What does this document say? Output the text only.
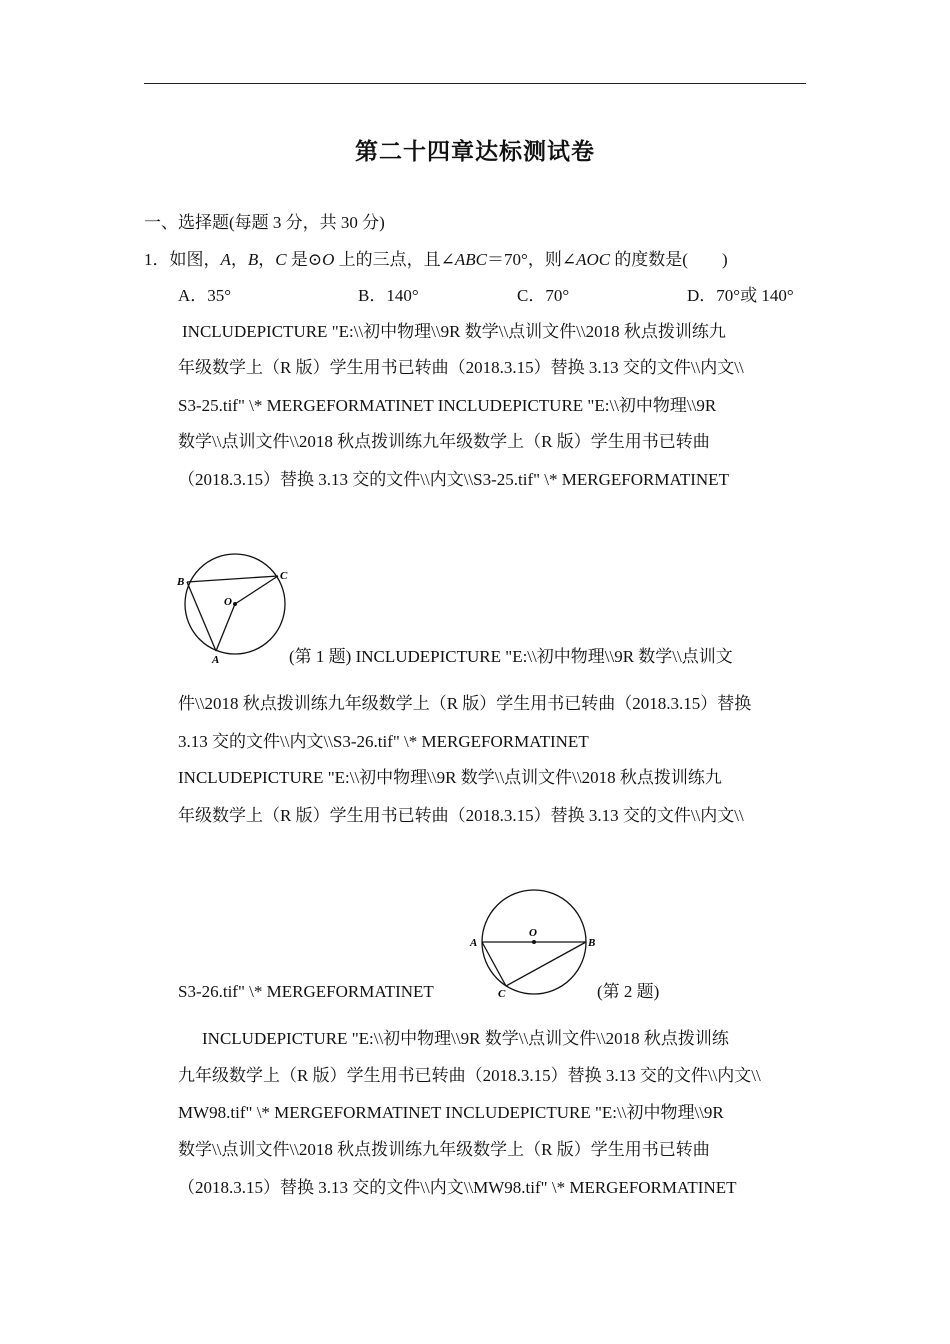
第二十四章达标测试卷
一、选择题(每题 3 分，共 30 分)
1．如图，A，B，C 是⊙O 上的三点，且∠ABC＝70°，则∠AOC 的度数是(　　)
A．35°	B．140°	C．70°	D．70°或 140°
INCLUDEPICTURE "E:\\初中物理\\9R 数学\\点训文件\\2018 秋点拨训练九
年级数学上（R 版）学生用书已转曲（2018.3.15）替换 3.13 交的文件\\内文\\
S3-25.tif" \* MERGEFORMATINET INCLUDEPICTURE "E:\\初中物理\\9R
数学\\点训文件\\2018 秋点拨训练九年级数学上（R 版）学生用书已转曲
（2018.3.15）替换 3.13 交的文件\\内文\\S3-25.tif" \* MERGEFORMATINET
B	C
O
A	(第 1 题) INCLUDEPICTURE "E:\\初中物理\\9R 数学\\点训文
件\\2018 秋点拨训练九年级数学上（R 版）学生用书已转曲（2018.3.15）替换
3.13 交的文件\\内文\\S3-26.tif" \* MERGEFORMATINET
INCLUDEPICTURE "E:\\初中物理\\9R 数学\\点训文件\\2018 秋点拨训练九
年级数学上（R 版）学生用书已转曲（2018.3.15）替换 3.13 交的文件\\内文\\
A	B
O
C
S3-26.tif" \* MERGEFORMATINET	(第 2 题)
INCLUDEPICTURE "E:\\初中物理\\9R 数学\\点训文件\\2018 秋点拨训练
九年级数学上（R 版）学生用书已转曲（2018.3.15）替换 3.13 交的文件\\内文\\
MW98.tif" \* MERGEFORMATINET INCLUDEPICTURE "E:\\初中物理\\9R
数学\\点训文件\\2018 秋点拨训练九年级数学上（R 版）学生用书已转曲
（2018.3.15）替换 3.13 交的文件\\内文\\MW98.tif" \* MERGEFORMATINET
